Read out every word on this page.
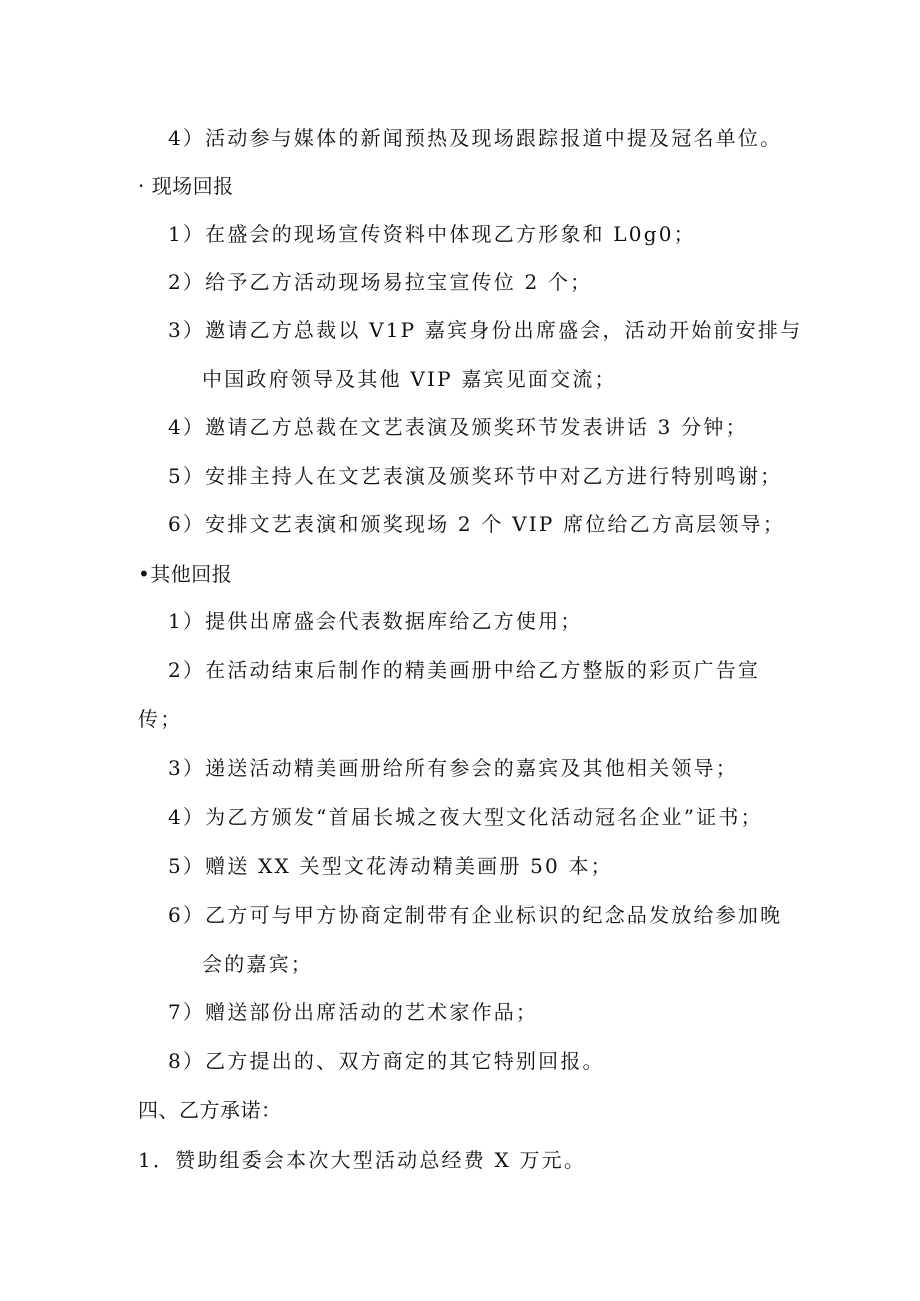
4）活动参与媒体的新闻预热及现场跟踪报道中提及冠名单位。
· 现场回报
1）在盛会的现场宣传资料中体现乙方形象和 L0g0；
2）给予乙方活动现场易拉宝宣传位 2 个；
3）邀请乙方总裁以 V1P 嘉宾身份出席盛会，活动开始前安排与
中国政府领导及其他 VIP 嘉宾见面交流；
4）邀请乙方总裁在文艺表演及颁奖环节发表讲话 3 分钟；
5）安排主持人在文艺表演及颁奖环节中对乙方进行特别鸣谢；
6）安排文艺表演和颁奖现场 2 个 VIP 席位给乙方高层领导；
•其他回报
1）提供出席盛会代表数据库给乙方使用；
2）在活动结束后制作的精美画册中给乙方整版的彩页广告宣
传；
3）递送活动精美画册给所有参会的嘉宾及其他相关领导；
4）为乙方颁发“首届长城之夜大型文化活动冠名企业”证书；
5）赠送 XX 关型文花涛动精美画册 50 本；
6）乙方可与甲方协商定制带有企业标识的纪念品发放给参加晚
会的嘉宾；
7）赠送部份出席活动的艺术家作品；
8）乙方提出的、双方商定的其它特别回报。
四、乙方承诺：
1．赞助组委会本次大型活动总经费 X 万元。
